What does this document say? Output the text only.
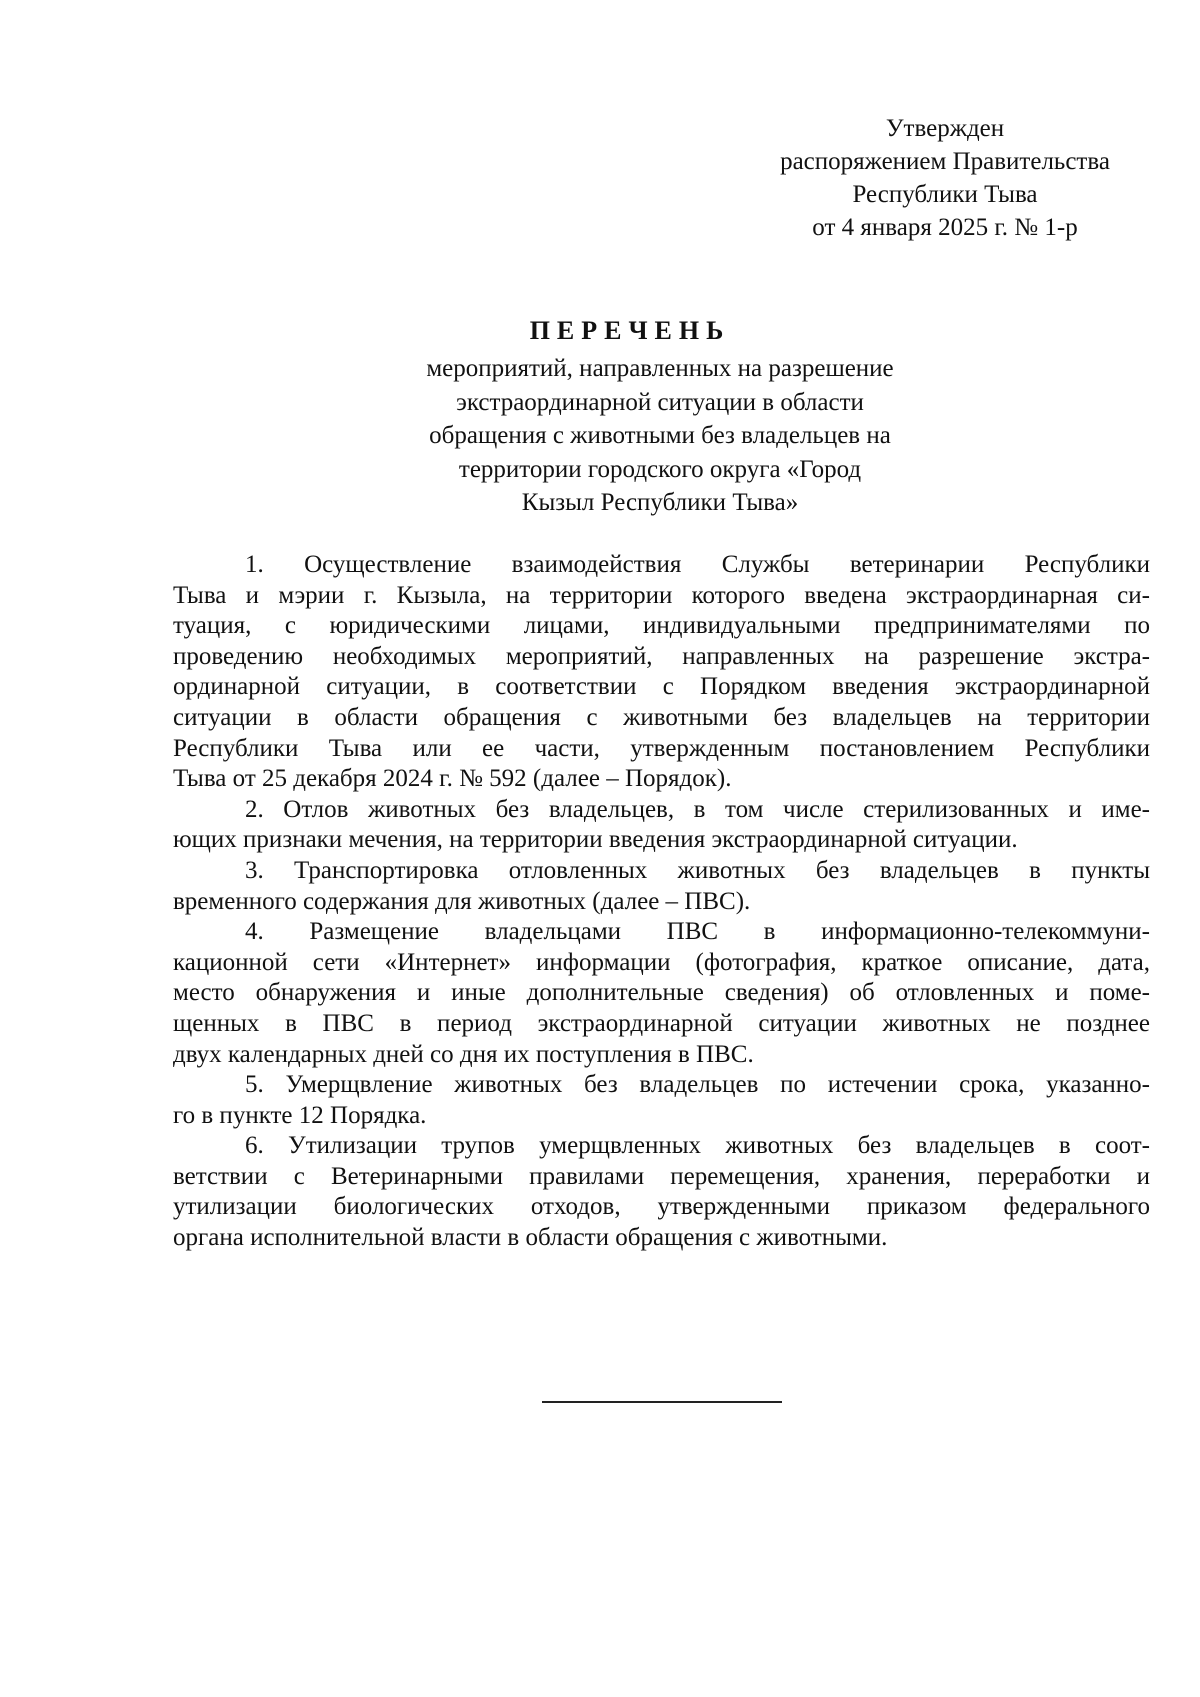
Утвержден
распоряжением Правительства
Республики Тыва
от 4 января 2025 г. № 1-р
ПЕРЕЧЕНЬ
мероприятий, направленных на разрешение
экстраординарной ситуации в области
обращения с животными без владельцев на
территории городского округа «Город
Кызыл Республики Тыва»
1. Осуществление взаимодействия Службы ветеринарии Республики
Тыва и мэрии г. Кызыла, на территории которого введена экстраординарная си-
туация, с юридическими лицами, индивидуальными предпринимателями по
проведению необходимых мероприятий, направленных на разрешение экстра-
ординарной ситуации, в соответствии с Порядком введения экстраординарной
ситуации в области обращения с животными без владельцев на территории
Республики Тыва или ее части, утвержденным постановлением Республики
Тыва от 25 декабря 2024 г. № 592 (далее – Порядок).
2. Отлов животных без владельцев, в том числе стерилизованных и име-
ющих признаки мечения, на территории введения экстраординарной ситуации.
3. Транспортировка отловленных животных без владельцев в пункты
временного содержания для животных (далее – ПВС).
4. Размещение владельцами ПВС в информационно-телекоммуни-
кационной сети «Интернет» информации (фотография, краткое описание, дата,
место обнаружения и иные дополнительные сведения) об отловленных и поме-
щенных в ПВС в период экстраординарной ситуации животных не позднее
двух календарных дней со дня их поступления в ПВС.
5. Умерщвление животных без владельцев по истечении срока, указанно-
го в пункте 12 Порядка.
6. Утилизации трупов умерщвленных животных без владельцев в соот-
ветствии с Ветеринарными правилами перемещения, хранения, переработки и
утилизации биологических отходов, утвержденными приказом федерального
органа исполнительной власти в области обращения с животными.
